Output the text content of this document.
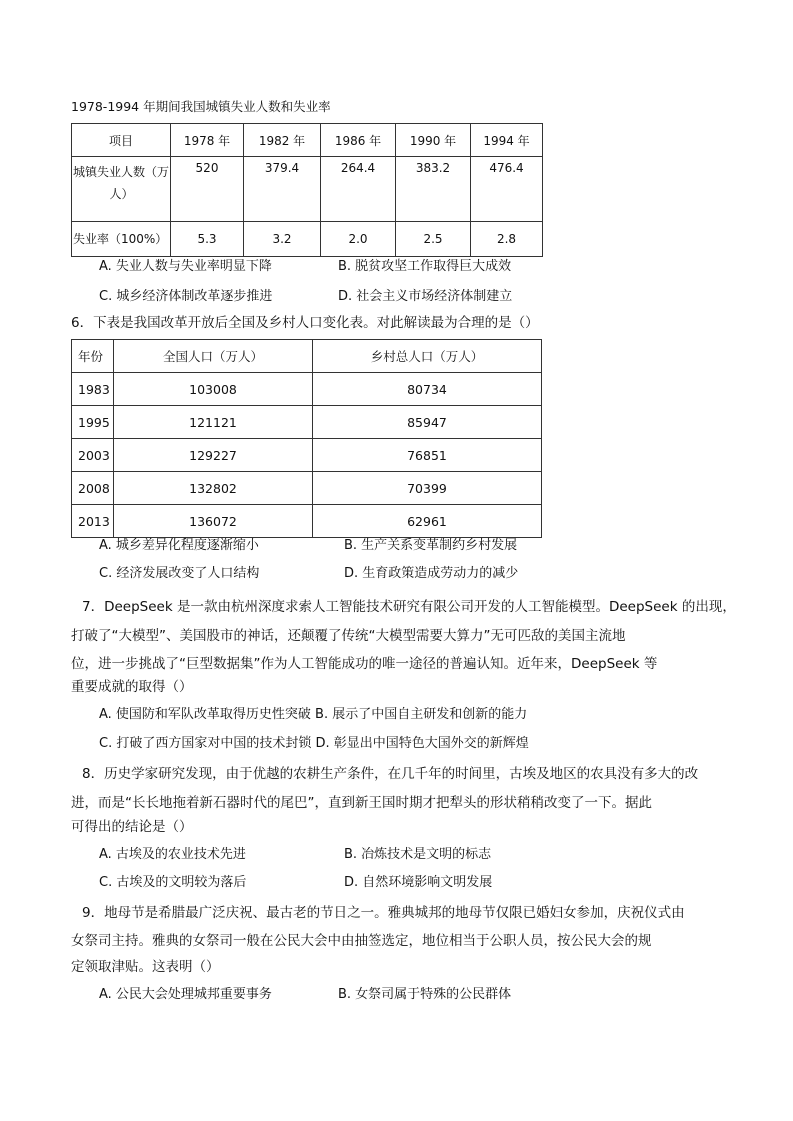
1978-1994 年期间我国城镇失业人数和失业率
项目	1978 年	1982 年	1986 年	1990 年	1994 年

城镇失业人数（万
人）	520	379.4	264.4	383.2	476.4
失业率（100%）	5.3	3.2	2.0	2.5	2.8
A. 失业人数与失业率明显下降	B. 脱贫攻坚工作取得巨大成效
C. 城乡经济体制改革逐步推进	D. 社会主义市场经济体制建立
6．下表是我国改革开放后全国及乡村人口变化表。对此解读最为合理的是（）
年份	全国人口（万人）	乡村总人口（万人）
1983	103008	80734
1995	121121	85947
2003	129227	76851
2008	132802	70399
2013	136072	62961
A. 城乡差异化程度逐渐缩小	B. 生产关系变革制约乡村发展
C. 经济发展改变了人口结构	D. 生育政策造成劳动力的减少
7．DeepSeek 是一款由杭州深度求索人工智能技术研究有限公司开发的人工智能模型。DeepSeek 的出现，
打破了“大模型”、美国股市的神话，还颠覆了传统“大模型需要大算力”无可匹敌的美国主流地
位，进一步挑战了“巨型数据集”作为人工智能成功的唯一途径的普遍认知。近年来，DeepSeek 等
重要成就的取得（）
A. 使国防和军队改革取得历史性突破 B. 展示了中国自主研发和创新的能力
C. 打破了西方国家对中国的技术封锁 D. 彰显出中国特色大国外交的新辉煌
8．历史学家研究发现，由于优越的农耕生产条件，在几千年的时间里，古埃及地区的农具没有多大的改
进，而是“长长地拖着新石器时代的尾巴”，直到新王国时期才把犁头的形状稍稍改变了一下。据此
可得出的结论是（）
A. 古埃及的农业技术先进	B. 冶炼技术是文明的标志
C. 古埃及的文明较为落后	D. 自然环境影响文明发展
9．地母节是希腊最广泛庆祝、最古老的节日之一。雅典城邦的地母节仅限已婚妇女参加，庆祝仪式由
女祭司主持。雅典的女祭司一般在公民大会中由抽签选定，地位相当于公职人员，按公民大会的规
定领取津贴。这表明（）
A. 公民大会处理城邦重要事务	B. 女祭司属于特殊的公民群体
